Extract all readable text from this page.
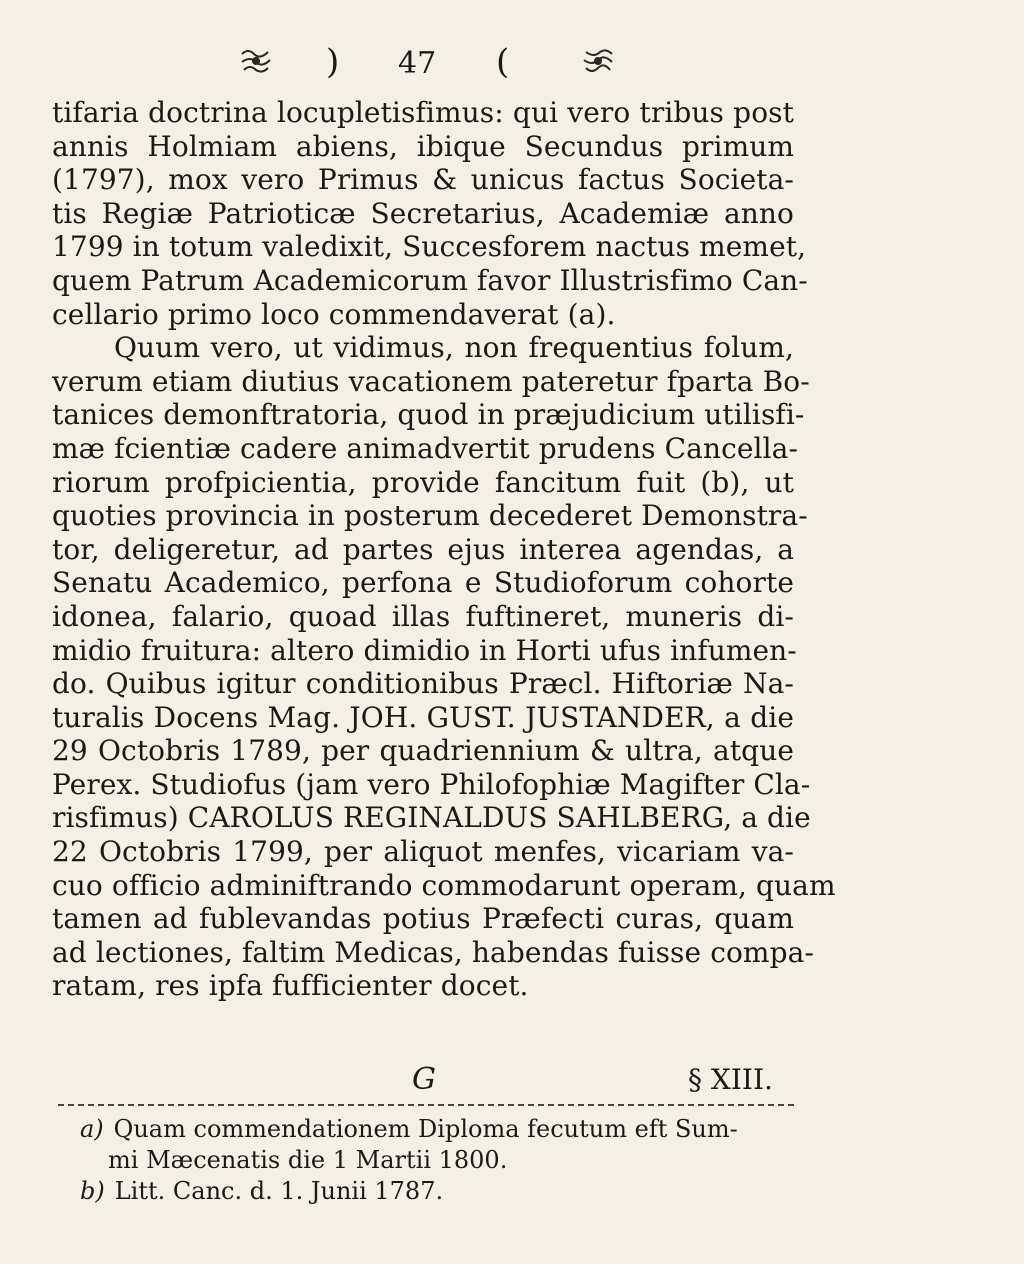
) 47 (
tifaria doctrina locupletisfimus: qui vero tribus post
annis Holmiam abiens, ibique Secundus primum
(1797), mox vero Primus & unicus factus Societa-
tis Regiæ Patrioticæ Secretarius, Academiæ anno
1799 in totum valedixit, Succesforem nactus memet,
quem Patrum Academicorum favor Illustrisfimo Can-
cellario primo loco commendaverat (a).
Quum vero, ut vidimus, non frequentius folum,
verum etiam diutius vacationem pateretur fparta Bo-
tanices demonftratoria, quod in præjudicium utilisfi-
mæ fcientiæ cadere animadvertit prudens Cancella-
riorum profpicientia, provide fancitum fuit (b), ut
quoties provincia in posterum decederet Demonstra-
tor, deligeretur, ad partes ejus interea agendas, a
Senatu Academico, perfona e Studioforum cohorte
idonea, falario, quoad illas fuftineret, muneris di-
midio fruitura: altero dimidio in Horti ufus infumen-
do. Quibus igitur conditionibus Præcl. Hiftoriæ Na-
turalis Docens Mag. JOH. GUST. JUSTANDER, a die
29 Octobris 1789, per quadriennium & ultra, atque
Perex. Studiofus (jam vero Philofophiæ Magifter Cla-
risfimus) CAROLUS REGINALDUS SAHLBERG, a die
22 Octobris 1799, per aliquot menfes, vicariam va-
cuo officio adminiftrando commodarunt operam, quam
tamen ad fublevandas potius Præfecti curas, quam
ad lectiones, faltim Medicas, habendas fuisse compa-
ratam, res ipfa fufficienter docet.
G	§ XIII.
a) Quam commendationem Diploma fecutum eft Sum-
mi Mæcenatis die 1 Martii 1800.
b) Litt. Canc. d. 1. Junii 1787.
